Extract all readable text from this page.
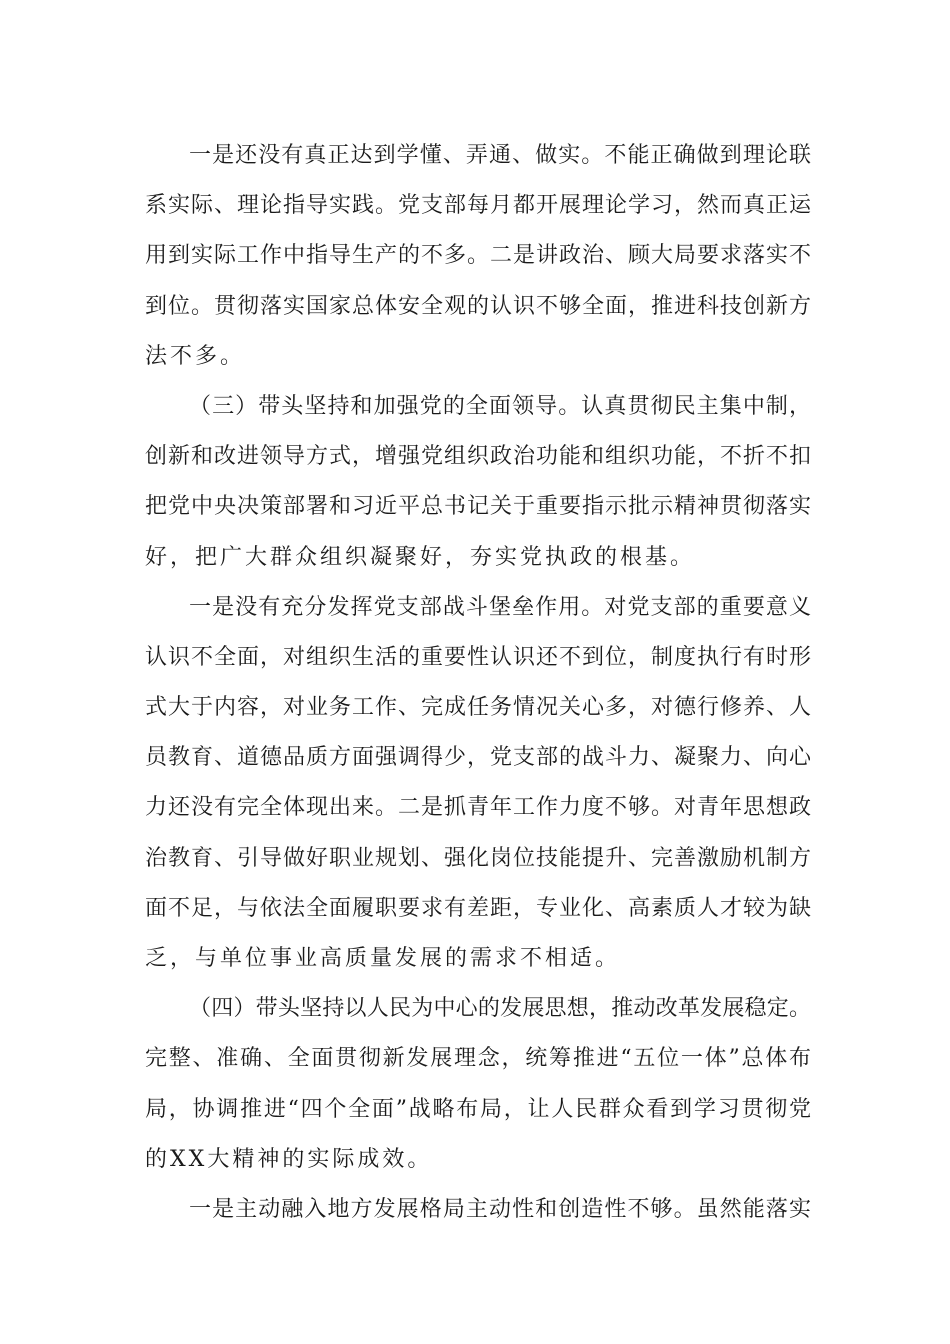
一是还没有真正达到学懂、弄通、做实。不能正确做到理论联
系实际、理论指导实践。党支部每月都开展理论学习，然而真正运
用到实际工作中指导生产的不多。二是讲政治、顾大局要求落实不
到位。贯彻落实国家总体安全观的认识不够全面，推进科技创新方
法不多。
（三）带头坚持和加强党的全面领导。认真贯彻民主集中制，
创新和改进领导方式，增强党组织政治功能和组织功能，不折不扣
把党中央决策部署和习近平总书记关于重要指示批示精神贯彻落实
好，把广大群众组织凝聚好，夯实党执政的根基。
一是没有充分发挥党支部战斗堡垒作用。对党支部的重要意义
认识不全面，对组织生活的重要性认识还不到位，制度执行有时形
式大于内容，对业务工作、完成任务情况关心多，对德行修养、人
员教育、道德品质方面强调得少，党支部的战斗力、凝聚力、向心
力还没有完全体现出来。二是抓青年工作力度不够。对青年思想政
治教育、引导做好职业规划、强化岗位技能提升、完善激励机制方
面不足，与依法全面履职要求有差距，专业化、高素质人才较为缺
乏，与单位事业高质量发展的需求不相适。
（四）带头坚持以人民为中心的发展思想，推动改革发展稳定。
完整、准确、全面贯彻新发展理念，统筹推进“五位一体”总体布
局，协调推进“四个全面”战略布局，让人民群众看到学习贯彻党
的XX大精神的实际成效。
一是主动融入地方发展格局主动性和创造性不够。虽然能落实
